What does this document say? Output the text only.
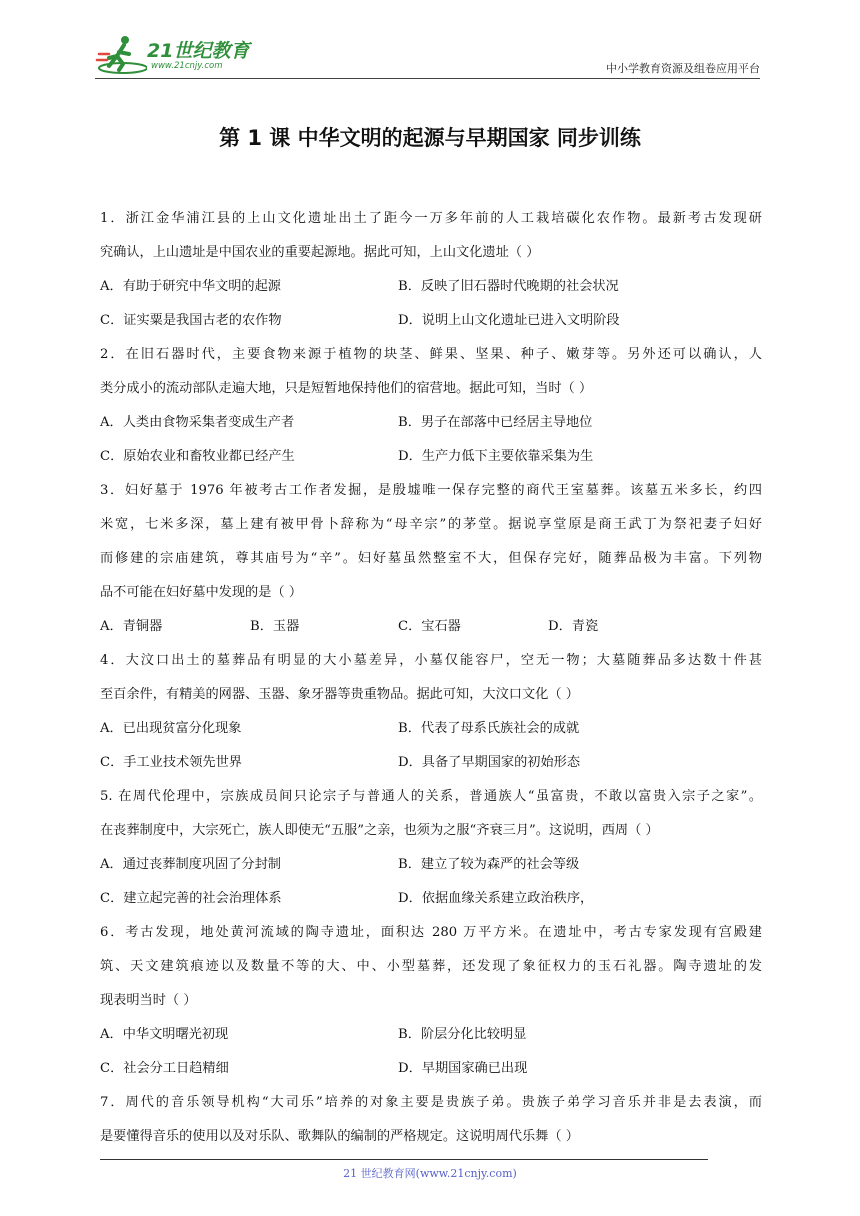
21世纪教育
www.21cnjy.com	中小学教育资源及组卷应用平台
第 1 课 中华文明的起源与早期国家 同步训练
1．浙江金华浦江县的上山文化遗址出土了距今一万多年前的人工栽培碳化农作物。最新考古发现研
究确认，上山遗址是中国农业的重要起源地。据此可知，上山文化遗址（ ）
A．有助于研究中华文明的起源	B．反映了旧石器时代晚期的社会状况
C．证实粟是我国古老的农作物	D．说明上山文化遗址已进入文明阶段
2．在旧石器时代，主要食物来源于植物的块茎、鲜果、坚果、种子、嫩芽等。另外还可以确认，人
类分成小的流动部队走遍大地，只是短暂地保持他们的宿营地。据此可知，当时（ ）
A．人类由食物采集者变成生产者	B．男子在部落中已经居主导地位
C．原始农业和畜牧业都已经产生	D．生产力低下主要依靠采集为生
3．妇好墓于 1976 年被考古工作者发掘，是殷墟唯一保存完整的商代王室墓葬。该墓五米多长，约四
米宽，七米多深，墓上建有被甲骨卜辞称为“母辛宗”的茅堂。据说享堂原是商王武丁为祭祀妻子妇好
而修建的宗庙建筑，尊其庙号为“辛”。妇好墓虽然整室不大，但保存完好，随葬品极为丰富。下列物
品不可能在妇好墓中发现的是（ ）
A．青铜器	B．玉器	C．宝石器	D．青瓷
4．大汶口出土的墓葬品有明显的大小墓差异，小墓仅能容尸，空无一物；大墓随葬品多达数十件甚
至百余件，有精美的网器、玉器、象牙器等贵重物品。据此可知，大汶口文化（ ）
A．已出现贫富分化现象	B．代表了母系氏族社会的成就
C．手工业技术领先世界	D．具备了早期国家的初始形态
5. 在周代伦理中，宗族成员间只论宗子与普通人的关系，普通族人“虽富贵，不敢以富贵入宗子之家”。
在丧葬制度中，大宗死亡，族人即使无“五服”之亲，也须为之服“齐衰三月”。这说明，西周（ ）
A．通过丧葬制度巩固了分封制	B．建立了较为森严的社会等级
C．建立起完善的社会治理体系	D．依据血缘关系建立政治秩序，
6．考古发现，地处黄河流域的陶寺遗址，面积达 280 万平方米。在遗址中，考古专家发现有宫殿建
筑、天文建筑痕迹以及数量不等的大、中、小型墓葬，还发现了象征权力的玉石礼器。陶寺遗址的发
现表明当时（ ）
A．中华文明曙光初现	B．阶层分化比较明显
C．社会分工日趋精细	D．早期国家确已出现
7．周代的音乐领导机构“大司乐”培养的对象主要是贵族子弟。贵族子弟学习音乐并非是去表演，而
是要懂得音乐的使用以及对乐队、歌舞队的编制的严格规定。这说明周代乐舞（ ）
21 世纪教育网(www.21cnjy.com)
